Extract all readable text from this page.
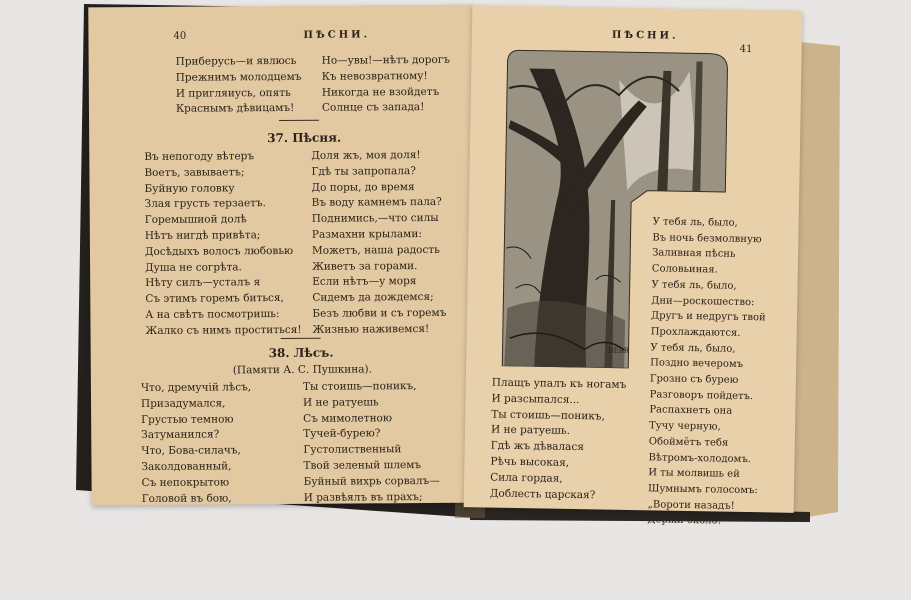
40	ПѢСНИ.
Приберусь—и явлюсь
Прежнимъ молодцемъ
И пригляиусь, опять
Краснымъ дѣвицамъ!
Но—увы!—нѣтъ дорогъ
Къ невозвратному!
Никогда не взойдетъ
Солнце съ запада!
37. Пѣсня.
Въ непогоду вѣтеръ
Воетъ, завываетъ;
Буйную головку
Злая грусть терзаетъ.
Горемышиой долѣ
Нѣтъ нигдѣ привѣта;
Досѣдыхъ волосъ любовью
Душа не согрѣта.
Нѣту силъ—усталъ я
Съ этимъ горемъ биться,
А на свѣтъ посмотришь:
Жалко съ нимъ проститься!
Доля жъ, моя доля!
Гдѣ ты запропала?
До поры, до время
Въ воду камнемъ пала?
Поднимись,—что силы
Размахни крылами:
Можетъ, наша радость
Живетъ за горами.
Если нѣтъ—у моря
Сидемъ да дождемся;
Безъ любви и съ горемъ
Жизнью наживемся!
38. Лѣсъ.
(Памяти А. С. Пушкина).
Что, дремучій лѣсъ,
Призадумался,
Грустью темною
Затуманился?
Что, Бова-силачъ,
Заколдованный,
Съ непокрытою
Головой въ бою,
Ты стоишь—поникъ,
И не ратуешь
Съ мимолетною
Тучей-бурею?
Густолиственный
Твой зеленый шлемъ
Буйный вихрь сорвалъ—
И развѣялъ въ прахъ;
ПѢСНИ.
41
У тебя ль, было,
Въ ночь безмолвную
Заливная пѣснь
Соловьиная.
У тебя ль, было,
Дни—роскошество:
Другъ и недругъ твой
Прохлаждаются.
У тебя ль, было,
Поздно вечеромъ
Грозно съ бурею
Разговоръ пойдетъ.
Распахнетъ она
Тучу черную,
Обоймётъ тебя
Вѣтромъ-холодомъ.
И ты молвишь ей
Шумнымъ голосомъ:
„Вороти назадъ!
Держи около!“
Плащъ упалъ къ ногамъ
И разсыпался...
Ты стоишь—поникъ,
И не ратуешь.
Гдѣ жъ дѣвалася
Рѣчь высокая,
Сила гордая,
Доблесть царская?
DEBR
